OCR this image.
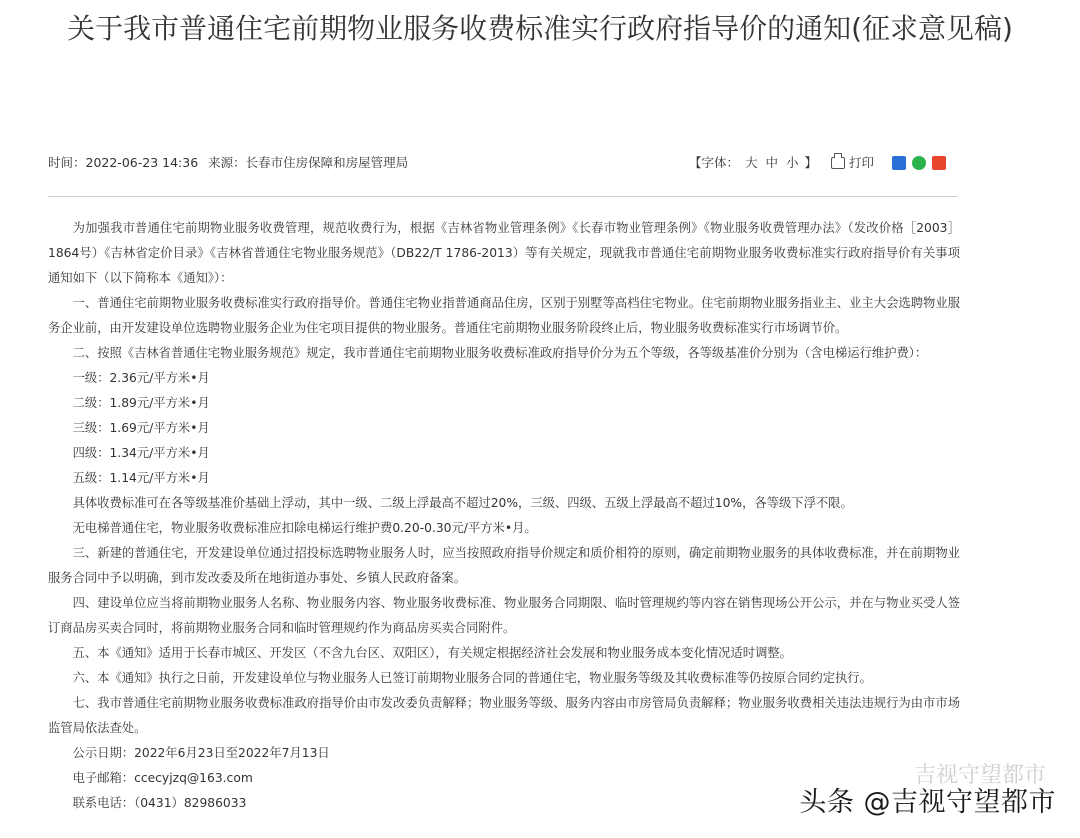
关于我市普通住宅前期物业服务收费标准实行政府指导价的通知(征求意见稿)
时间：2022-06-23 14:36 来源：长春市住房保障和房屋管理局	【字体： 大 中 小 】	打印

为加强我市普通住宅前期物业服务收费管理，规范收费行为，根据《吉林省物业管理条例》《长春市物业管理条例》《物业服务收费管理办法》（发改价格［2003］1864号）《吉林省定价目录》《吉林省普通住宅物业服务规范》（DB22/T 1786-2013）等有关规定，现就我市普通住宅前期物业服务收费标准实行政府指导价有关事项通知如下（以下简称本《通知》）：

一、普通住宅前期物业服务收费标准实行政府指导价。普通住宅物业指普通商品住房，区别于别墅等高档住宅物业。住宅前期物业服务指业主、业主大会选聘物业服务企业前，由开发建设单位选聘物业服务企业为住宅项目提供的物业服务。普通住宅前期物业服务阶段终止后，物业服务收费标准实行市场调节价。

二、按照《吉林省普通住宅物业服务规范》规定，我市普通住宅前期物业服务收费标准政府指导价分为五个等级，各等级基准价分别为（含电梯运行维护费）：

一级：2.36元/平方米•月

二级：1.89元/平方米•月

三级：1.69元/平方米•月

四级：1.34元/平方米•月

五级：1.14元/平方米•月

具体收费标准可在各等级基准价基础上浮动，其中一级、二级上浮最高不超过20%，三级、四级、五级上浮最高不超过10%，各等级下浮不限。

无电梯普通住宅，物业服务收费标准应扣除电梯运行维护费0.20-0.30元/平方米•月。

三、新建的普通住宅，开发建设单位通过招投标选聘物业服务人时，应当按照政府指导价规定和质价相符的原则，确定前期物业服务的具体收费标准，并在前期物业服务合同中予以明确，到市发改委及所在地街道办事处、乡镇人民政府备案。

四、建设单位应当将前期物业服务人名称、物业服务内容、物业服务收费标准、物业服务合同期限、临时管理规约等内容在销售现场公开公示，并在与物业买受人签订商品房买卖合同时，将前期物业服务合同和临时管理规约作为商品房买卖合同附件。

五、本《通知》适用于长春市城区、开发区（不含九台区、双阳区），有关规定根据经济社会发展和物业服务成本变化情况适时调整。

六、本《通知》执行之日前，开发建设单位与物业服务人已签订前期物业服务合同的普通住宅，物业服务等级及其收费标准等仍按原合同约定执行。

七、我市普通住宅前期物业服务收费标准政府指导价由市发改委负责解释；物业服务等级、服务内容由市房管局负责解释；物业服务收费相关违法违规行为由市市场监管局依法查处。

公示日期：2022年6月23日至2022年7月13日

电子邮箱：ccecyjzq@163.com

联系电话：（0431）82986033

吉视守望都市
头条 @吉视守望都市
